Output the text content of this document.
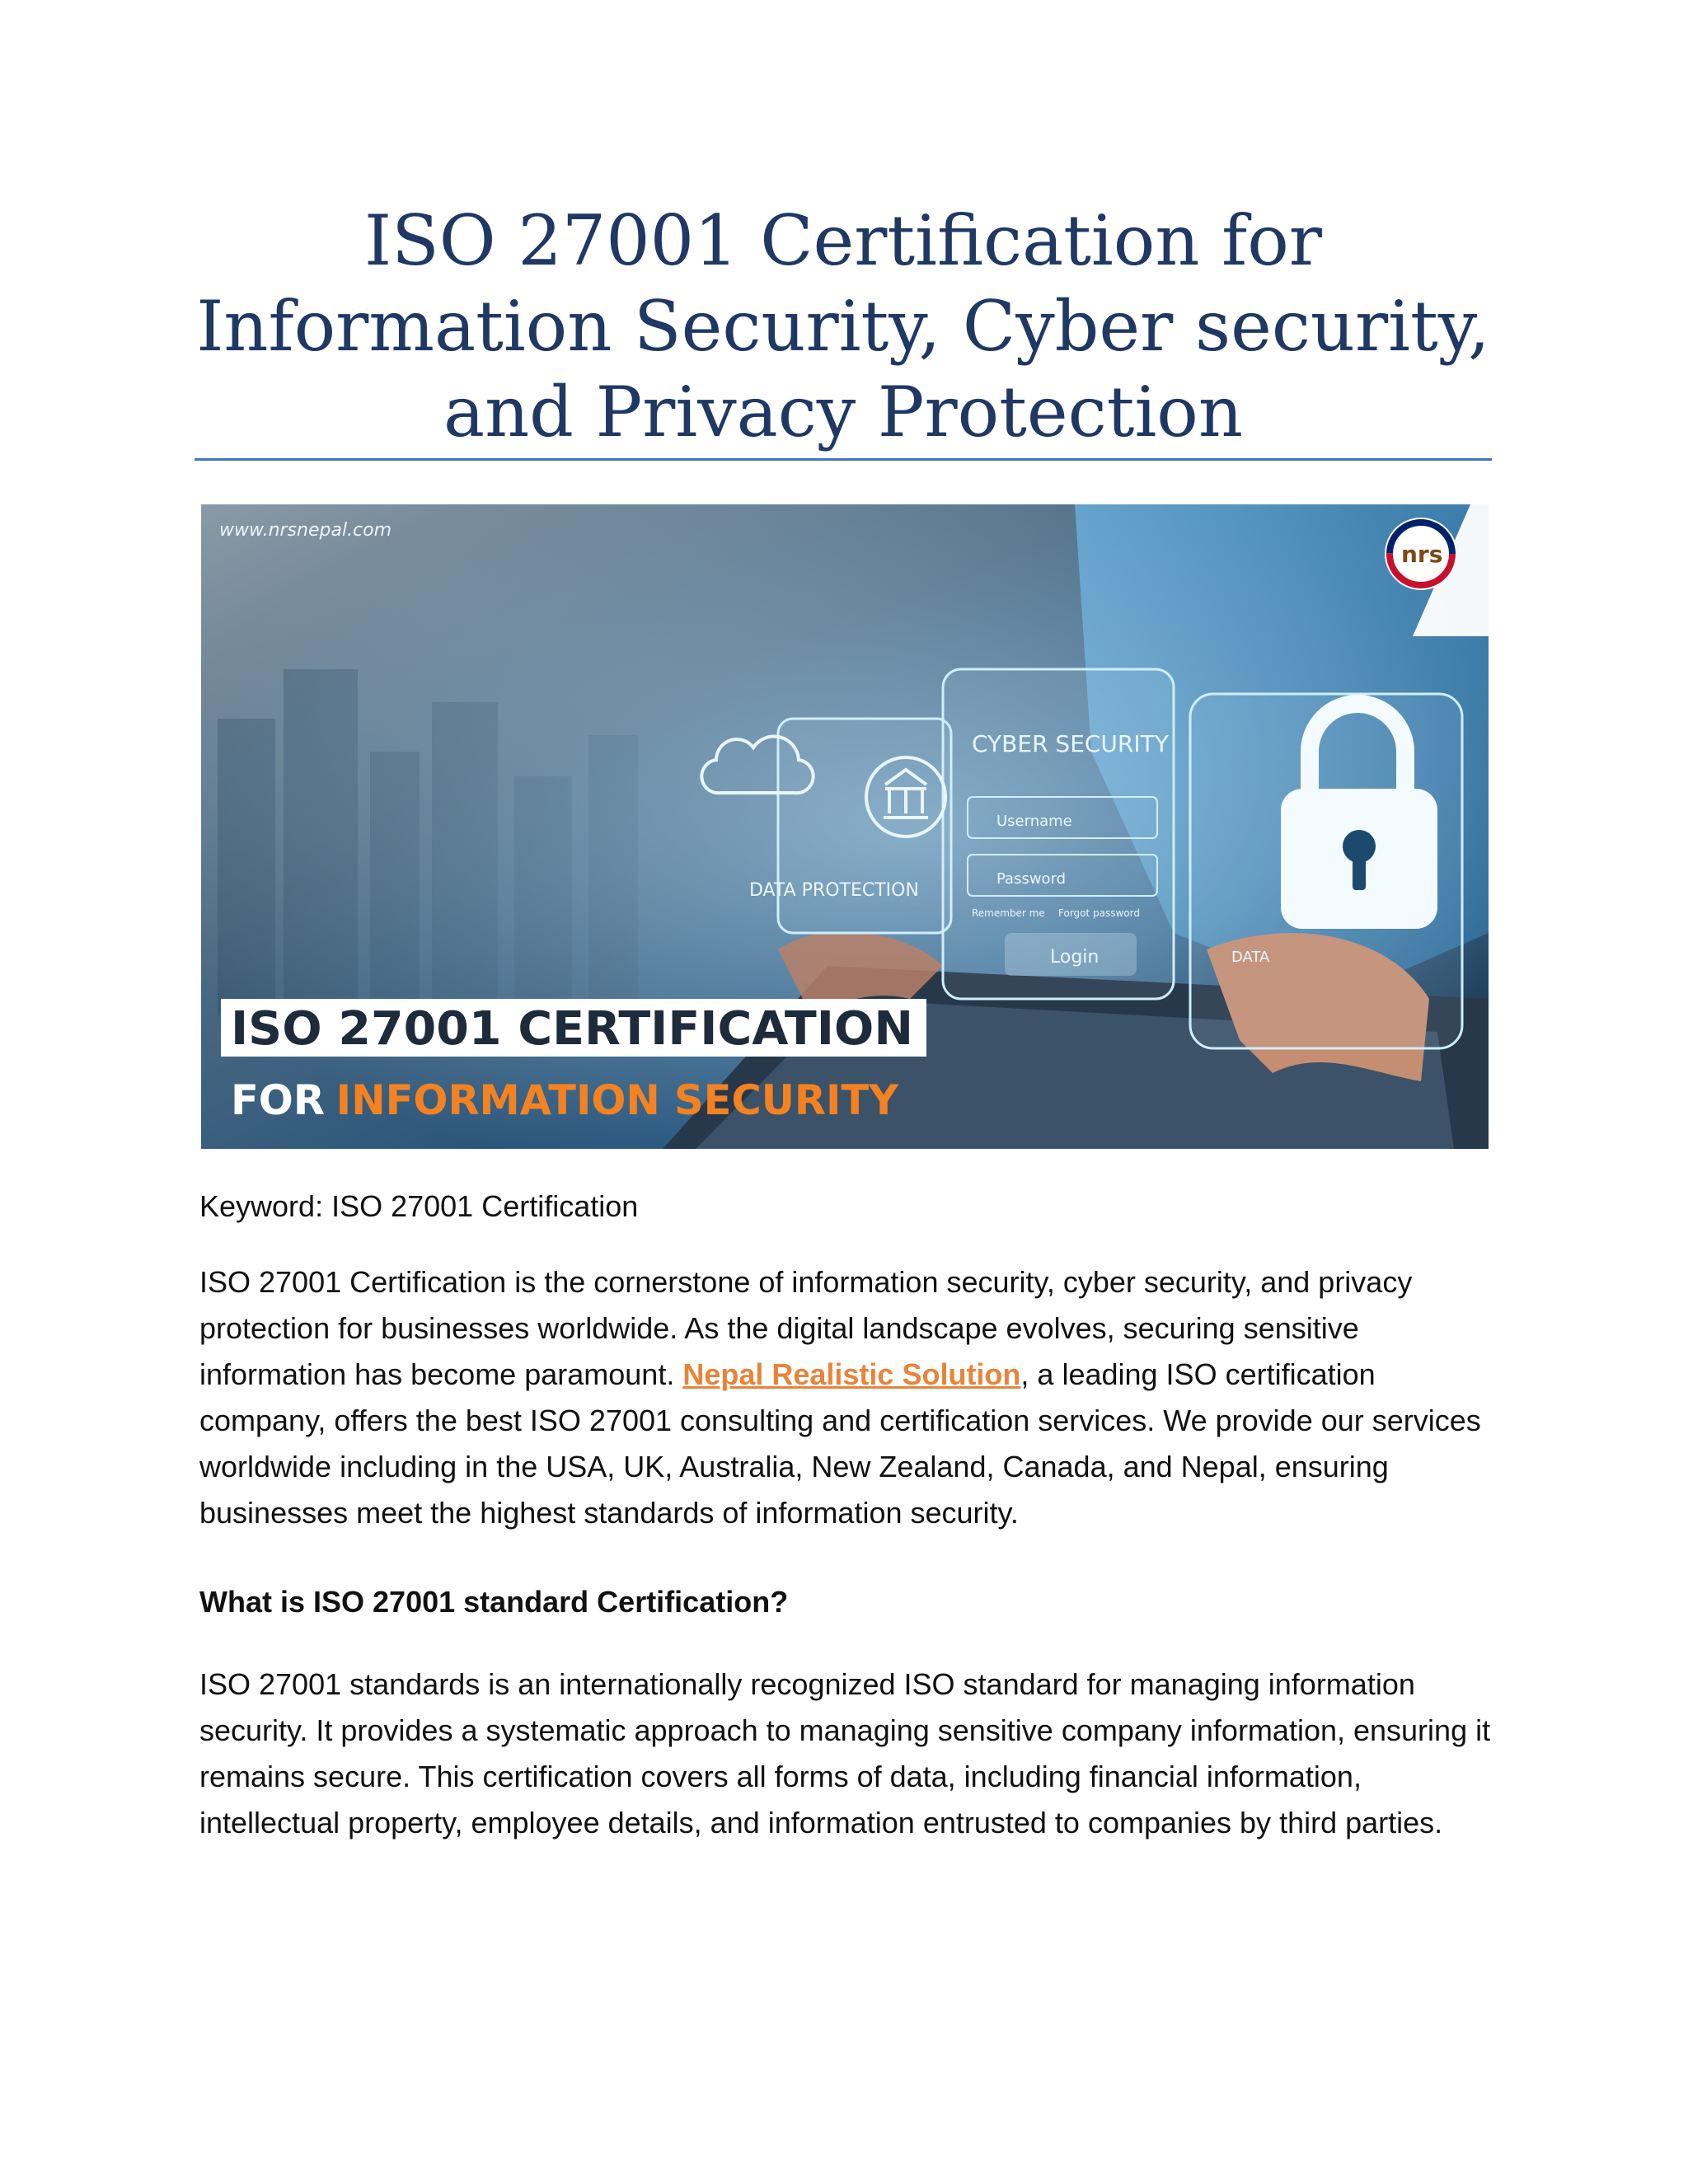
ISO 27001 Certification for Information Security, Cyber security, and Privacy Protection
CYBER SECURITY
Username
Password
Remember me Forgot password
Login
DATA PROTECTION
DATA
www.nrsnepal.com
nrs
ISO 27001 CERTIFICATION
FOR INFORMATION SECURITY

Keyword: ISO 27001 Certification

ISO 27001 Certification is the cornerstone of information security, cyber security, and privacy protection for businesses worldwide. As the digital landscape evolves, securing sensitive information has become paramount. Nepal Realistic Solution, a leading ISO certification company, offers the best ISO 27001 consulting and certification services. We provide our services worldwide including in the USA, UK, Australia, New Zealand, Canada, and Nepal, ensuring businesses meet the highest standards of information security.

What is ISO 27001 standard Certification?

ISO 27001 standards is an internationally recognized ISO standard for managing information security. It provides a systematic approach to managing sensitive company information, ensuring it remains secure. This certification covers all forms of data, including financial information, intellectual property, employee details, and information entrusted to companies by third parties.
